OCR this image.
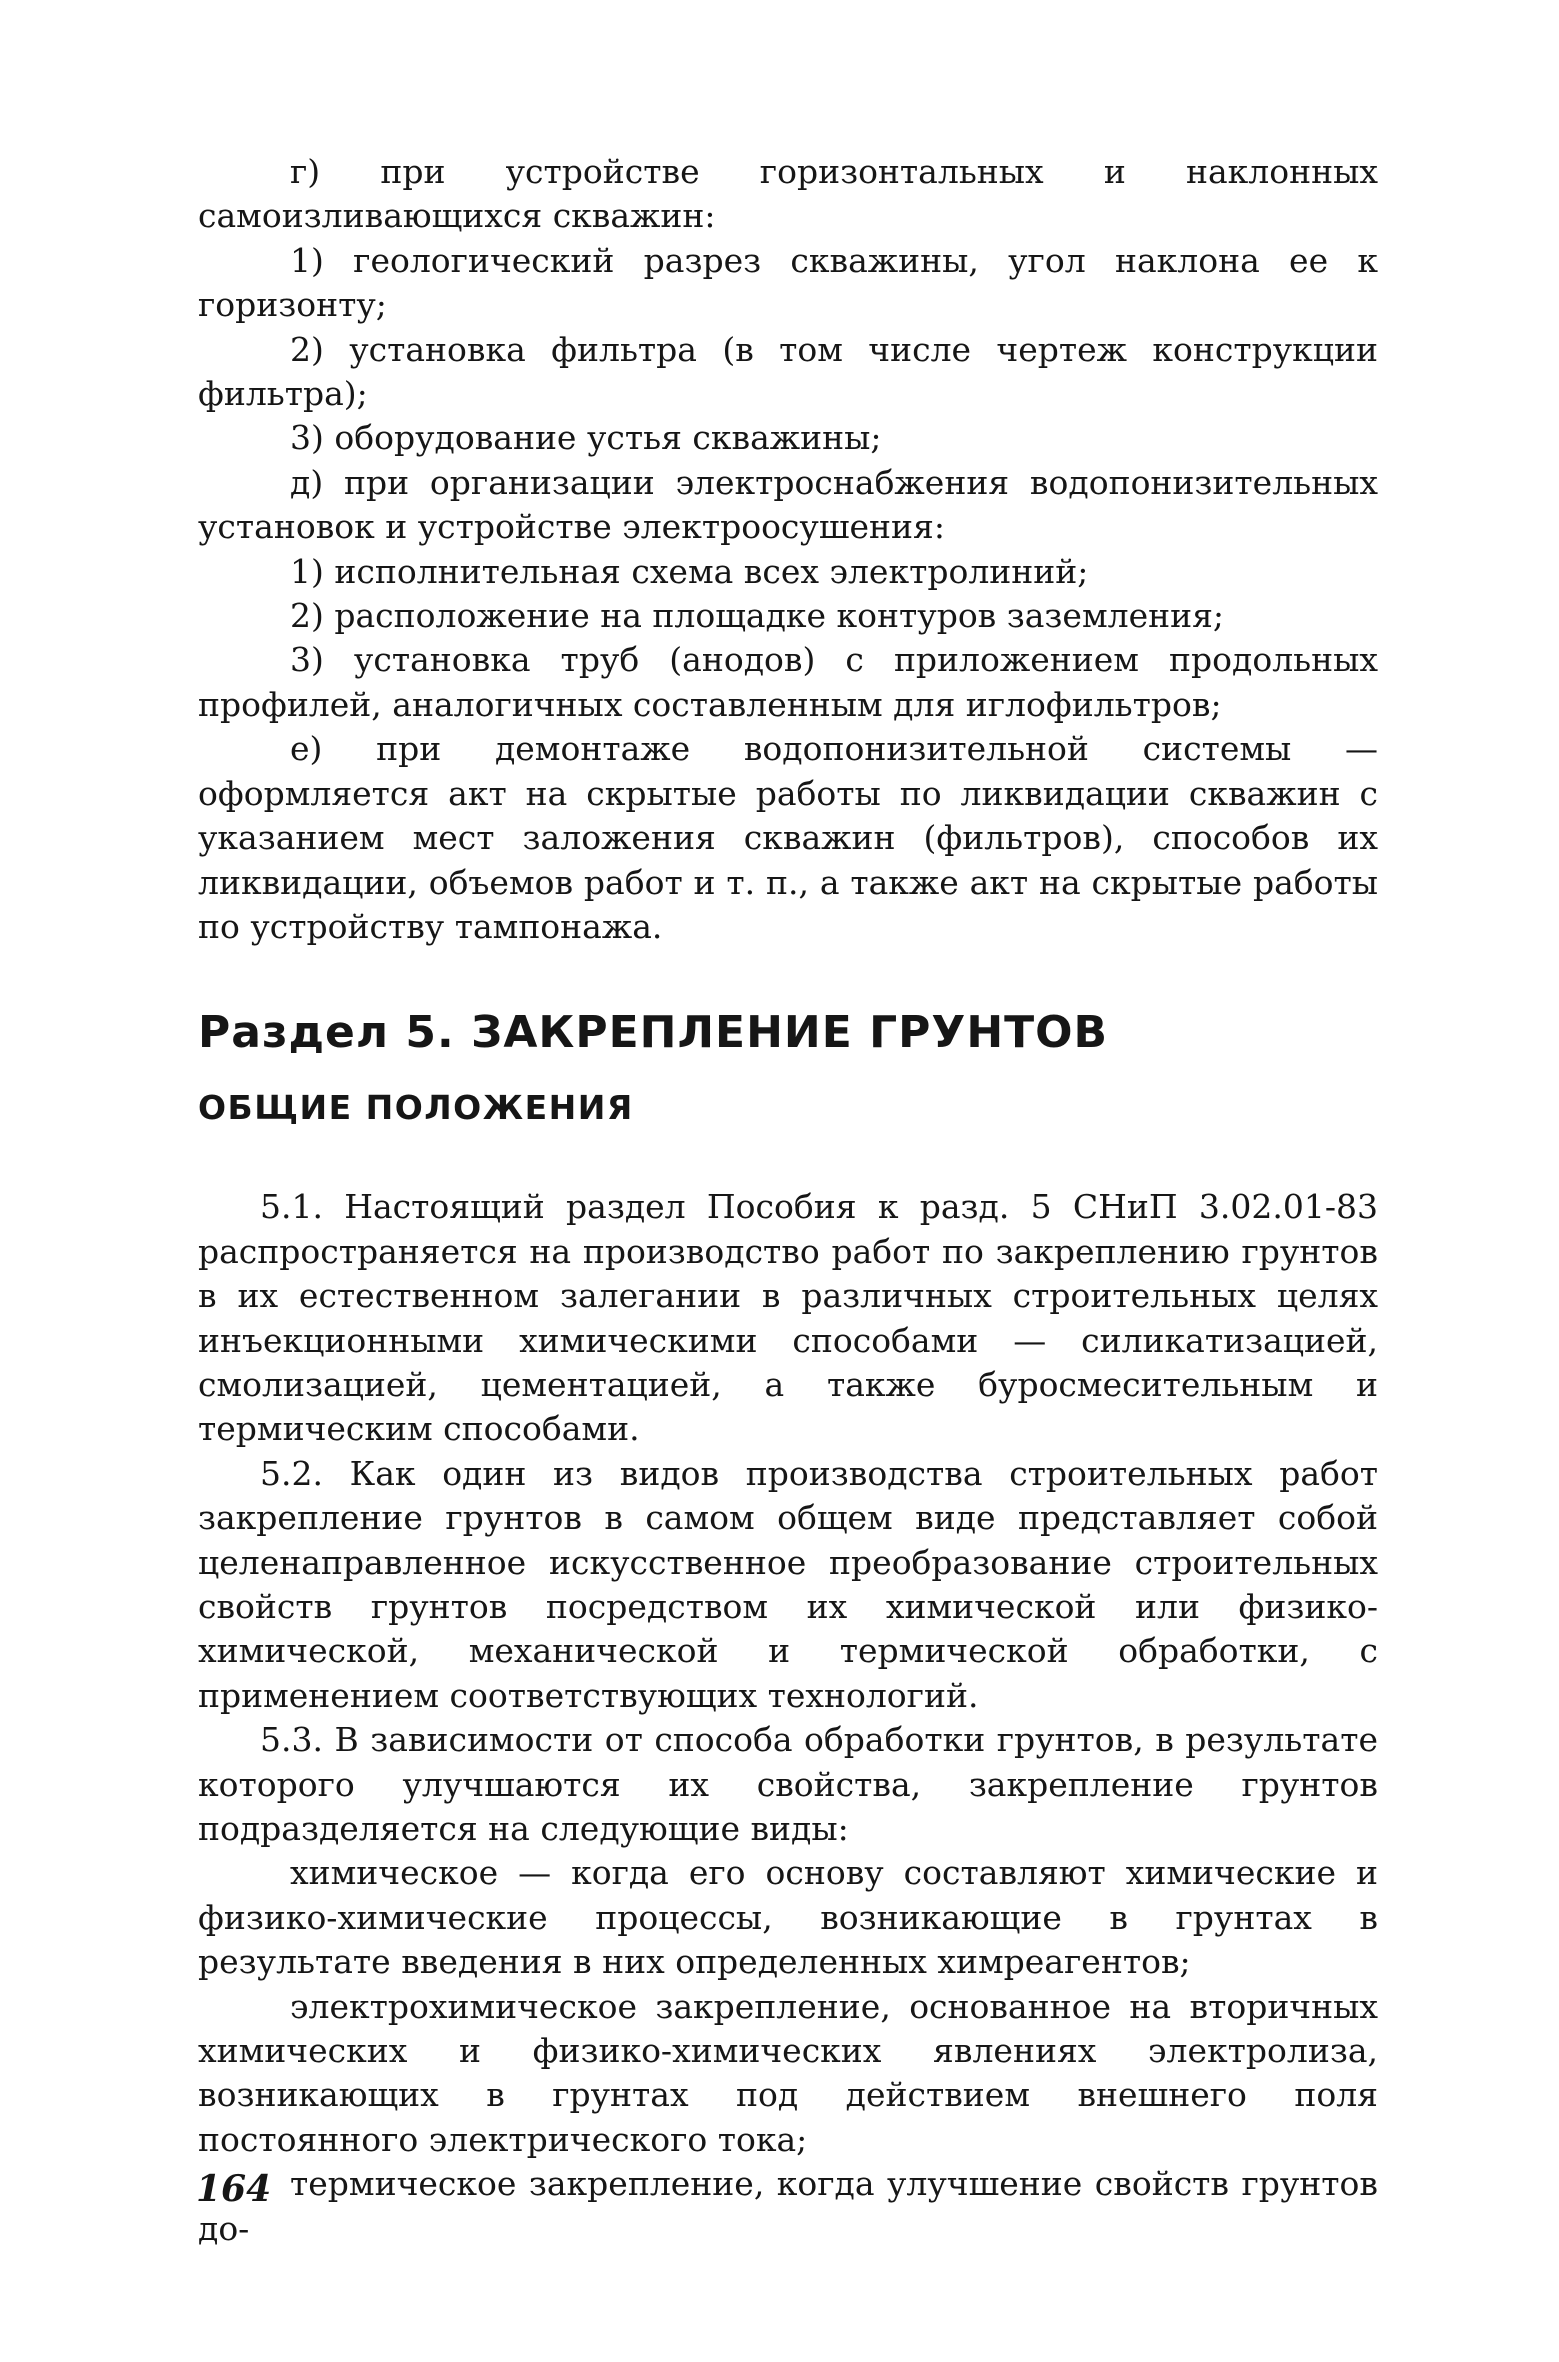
г) при устройстве горизонтальных и наклонных самоизливающихся скважин:

1) геологический разрез скважины, угол наклона ее к горизонту;

2) установка фильтра (в том числе чертеж конструкции фильтра);

3) оборудование устья скважины;

д) при организации электроснабжения водопонизительных установок и устройстве электроосушения:

1) исполнительная схема всех электролиний;

2) расположение на площадке контуров заземления;

3) установка труб (анодов) с приложением продольных профилей, аналогичных составленным для иглофильтров;

е) при демонтаже водопонизительной системы — оформляется акт на скрытые работы по ликвидации скважин с указанием мест заложения скважин (фильтров), способов их ликвидации, объемов работ и т. п., а также акт на скрытые работы по устройству тампонажа.

Раздел 5. ЗАКРЕПЛЕНИЕ ГРУНТОВ
ОБЩИЕ ПОЛОЖЕНИЯ

5.1. Настоящий раздел Пособия к разд. 5 СНиП 3.02.01-83 распространяется на производство работ по закреплению грунтов в их естественном залегании в различных строительных целях инъекционными химическими способами — силикатизацией, смолизацией, цементацией, а также буросмесительным и термическим способами.

5.2. Как один из видов производства строительных работ закрепление грунтов в самом общем виде представляет собой целенаправленное искусственное преобразование строительных свойств грунтов посредством их химической или физико-химической, механической и термической обработки, с применением соответствующих технологий.

5.3. В зависимости от способа обработки грунтов, в результате которого улучшаются их свойства, закрепление грунтов подразделяется на следующие виды:

химическое — когда его основу составляют химические и физико-химические процессы, возникающие в грунтах в результате введения в них определенных химреагентов;

электрохимическое закрепление, основанное на вторичных химических и физико-химических явлениях электролиза, возникающих в грунтах под действием внешнего поля постоянного электрического тока;

термическое закрепление, когда улучшение свойств грунтов до-

164
